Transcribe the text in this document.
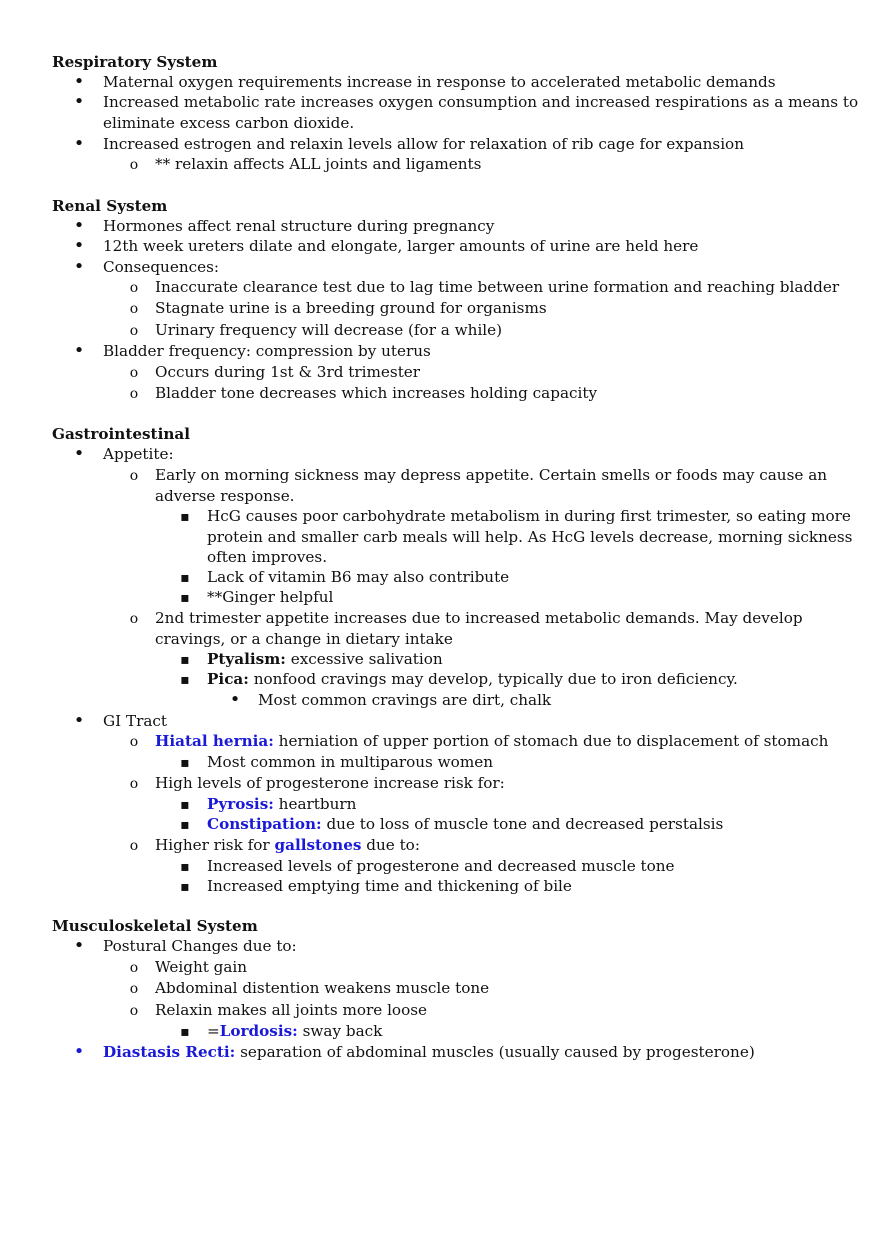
Respiratory System
•
Maternal oxygen requirements increase in response to accelerated metabolic demands
•
Increased metabolic rate increases oxygen consumption and increased respirations as a means to
eliminate excess carbon dioxide.
•
Increased estrogen and relaxin levels allow for relaxation of rib cage for expansion
o
** relaxin affects ALL joints and ligaments
Renal System
•
Hormones affect renal structure during pregnancy
•
12th week ureters dilate and elongate, larger amounts of urine are held here
•
Consequences:
o
Inaccurate clearance test due to lag time between urine formation and reaching bladder
o
Stagnate urine is a breeding ground for organisms
o
Urinary frequency will decrease (for a while)
•
Bladder frequency: compression by uterus
o
Occurs during 1st & 3rd trimester
o
Bladder tone decreases which increases holding capacity
Gastrointestinal
•
Appetite:
o
Early on morning sickness may depress appetite. Certain smells or foods may cause an
adverse response.
▪
HcG causes poor carbohydrate metabolism in during first trimester, so eating more
protein and smaller carb meals will help. As HcG levels decrease, morning sickness
often improves.
▪
Lack of vitamin B6 may also contribute
▪
**Ginger helpful
o
2nd trimester appetite increases due to increased metabolic demands. May develop
cravings, or a change in dietary intake
▪
Ptyalism: excessive salivation
▪
Pica: nonfood cravings may develop, typically due to iron deficiency.
•
Most common cravings are dirt, chalk
•
GI Tract
o
Hiatal hernia: herniation of upper portion of stomach due to displacement of stomach
▪
Most common in multiparous women
o
High levels of progesterone increase risk for:
▪
Pyrosis: heartburn
▪
Constipation: due to loss of muscle tone and decreased perstalsis
o
Higher risk for gallstones due to:
▪
Increased levels of progesterone and decreased muscle tone
▪
Increased emptying time and thickening of bile
Musculoskeletal System
•
Postural Changes due to:
o
Weight gain
o
Abdominal distention weakens muscle tone
o
Relaxin makes all joints more loose
▪
=Lordosis: sway back
•
Diastasis Recti: separation of abdominal muscles (usually caused by progesterone)
